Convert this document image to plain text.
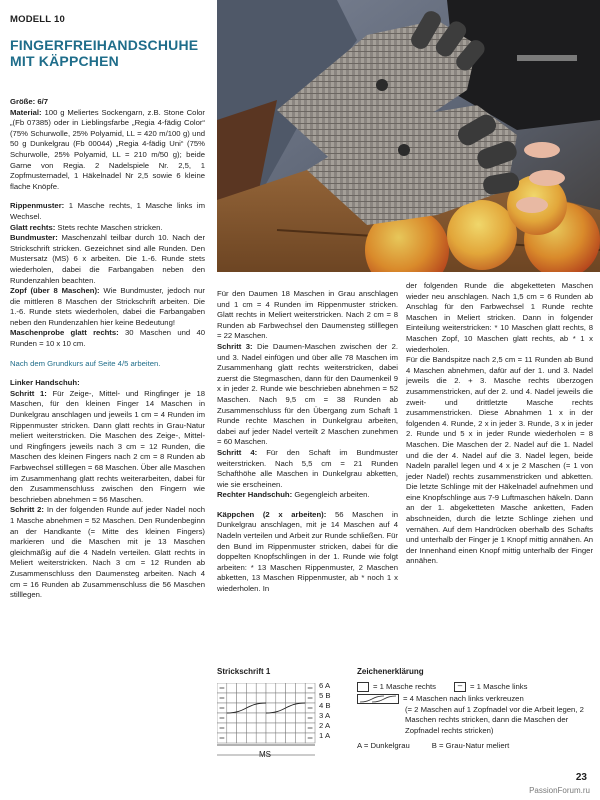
MODELL 10
FINGERFREIHANDSCHUHE
MIT KÄPPCHEN

Größe: 6/7

Material: 100 g Meliertes Sockengarn, z.B. Stone Color „(Fb 07385) oder in Lieblingsfarbe „Regia 4-fädig Color“ (75% Schurwolle, 25% Polyamid, LL = 420 m/100 g) und 50 g Dunkelgrau (Fb 00044) „Regia 4-fädig Uni“ (75% Schurwolle, 25% Polyamid, LL = 210 m/50 g); beide Garne von Regia. 2 Nadelspiele Nr. 2,5, 1 Zopfmusternadel, 1 Häkelnadel Nr 2,5 sowie 6 kleine flache Knöpfe.

Rippenmuster: 1 Masche rechts, 1 Masche links im Wechsel.

Glatt rechts: Stets rechte Maschen stricken.

Bundmuster: Maschenzahl teilbar durch 10. Nach der Strickschrift stricken. Gezeichnet sind alle Runden. Den Mustersatz (MS) 6 x arbeiten. Die 1.-6. Runde stets wiederholen, dabei die Farbangaben neben den Rundenzahlen beachten.

Zopf (über 8 Maschen): Wie Bundmuster, jedoch nur die mittleren 8 Maschen der Strickschrift arbeiten. Die 1.-6. Runde stets wiederholen, dabei die Farbangaben neben den Rundenzahlen hier keine Bedeutung!

Maschenprobe glatt rechts: 30 Maschen und 40 Runden = 10 x 10 cm.

Nach dem Grundkurs auf Seite 4/5 arbeiten.

Linker Handschuh:

Schritt 1: Für Zeige-, Mittel- und Ringfinger je 18 Maschen, für den kleinen Finger 14 Maschen in Dunkelgrau anschlagen und jeweils 1 cm = 4 Runden im Rippenmuster stricken. Dann glatt rechts in Grau-Natur meliert weiterstricken. Die Maschen des Zeige-, Mittel- und Ringfingers jeweils nach 3 cm = 12 Runden, die Maschen des kleinen Fingers nach 2 cm = 8 Runden ab Farbwechsel stilllegen = 68 Maschen. Über alle Maschen im Zusammenhang glatt rechts weiterarbeiten, dabei für den Zusammenschluss zwischen den Fingern wie beschrieben abnehmen = 56 Maschen.

Schritt 2: In der folgenden Runde auf jeder Nadel noch 1 Masche abnehmen = 52 Maschen. Den Rundenbeginn an der Handkante (= Mitte des kleinen Fingers) markieren und die Maschen mit je 13 Maschen gleichmäßig auf die 4 Nadeln verteilen. Glatt rechts in Meliert weiterstricken. Nach 3 cm = 12 Runden ab Zusammenschluss den Daumensteg arbeiten. Nach 4 cm = 16 Runden ab Zusammenschluss die 56 Maschen stilllegen.

Für den Daumen 18 Maschen in Grau anschlagen und 1 cm = 4 Runden im Rippenmuster stricken. Glatt rechts in Meliert weiterstricken. Nach 2 cm = 8 Runden ab Farbwechsel den Daumensteg stilllegen = 22 Maschen.

Schritt 3: Die Daumen-Maschen zwischen der 2. und 3. Nadel einfügen und über alle 78 Maschen im Zusammenhang glatt rechts weiterstricken, dabei zuerst die Stegmaschen, dann für den Daumenkeil 9 x in jeder 2. Runde wie beschrieben abnehmen = 52 Maschen. Nach 9,5 cm = 38 Runden ab Zusammenschluss für den Übergang zum Schaft 1 Runde rechte Maschen in Dunkelgrau arbeiten, dabei auf jeder Nadel verteilt 2 Maschen zunehmen = 60 Maschen.

Schritt 4: Für den Schaft im Bundmuster weiterstricken. Nach 5,5 cm = 21 Runden Schafthöhe alle Maschen in Dunkelgrau abketten, wie sie erscheinen.

Rechter Handschuh: Gegengleich arbeiten.

Käppchen (2 x arbeiten): 56 Maschen in Dunkelgrau anschlagen, mit je 14 Maschen auf 4 Nadeln verteilen und Arbeit zur Runde schließen. Für den Bund im Rippenmuster stricken, dabei für die doppelten Knopfschlingen in der 1. Runde wie folgt arbeiten: * 13 Maschen Rippenmuster, 2 Maschen abketten, 13 Maschen Rippenmuster, ab * noch 1 x wiederholen. In

der folgenden Runde die abgeketteten Maschen wieder neu anschlagen. Nach 1,5 cm = 6 Runden ab Anschlag für den Farbwechsel 1 Runde rechte Maschen in Meliert stricken. Dann in folgender Einteilung weiterstricken: * 10 Maschen glatt rechts, 8 Maschen Zopf, 10 Maschen glatt rechts, ab * 1 x wiederholen.

Für die Bandspitze nach 2,5 cm = 11 Runden ab Bund 4 Maschen abnehmen, dafür auf der 1. und 3. Nadel jeweils die 2. + 3. Masche rechts überzogen zusammenstricken, auf der 2. und 4. Nadel jeweils die zweit- und drittletzte Masche rechts zusammenstricken. Diese Abnahmen 1 x in der folgenden 4. Runde, 2 x in jeder 3. Runde, 3 x in jeder 2. Runde und 5 x in jeder Runde wiederholen = 8 Maschen. Die Maschen der 2. Nadel auf die 1. Nadel und die der 4. Nadel auf die 3. Nadel legen, beide Nadeln parallel legen und 4 x je 2 Maschen (= 1 von jeder Nadel) rechts zusammenstricken und abketten. Die letzte Schlinge mit der Häkelnadel aufnehmen und eine Knopfschlinge aus 7-9 Luftmaschen häkeln. Dann an der 1. abgeketteten Masche anketten, Faden abschneiden, durch die letzte Schlinge ziehen und vernähen. Auf dem Handrücken oberhalb des Schafts und unterhalb der Finger je 1 Knopf mittig annähen. An der Innenhand einen Knopf mittig unterhalb der Finger annähen.

Strickschrift 1
6 A
5 B
4 B
3 A
2 A
1 A
MS
Zeichenerklärung
= 1 Masche rechts	–	= 1 Masche links
= 4 Maschen nach links verkreuzen
(= 2 Maschen auf 1 Zopfnadel vor die Arbeit legen, 2 Maschen rechts stricken, dann die Maschen der Zopfnadel rechts stricken)
A = Dunkelgrau	B = Grau-Natur meliert
23
PassionForum.ru
